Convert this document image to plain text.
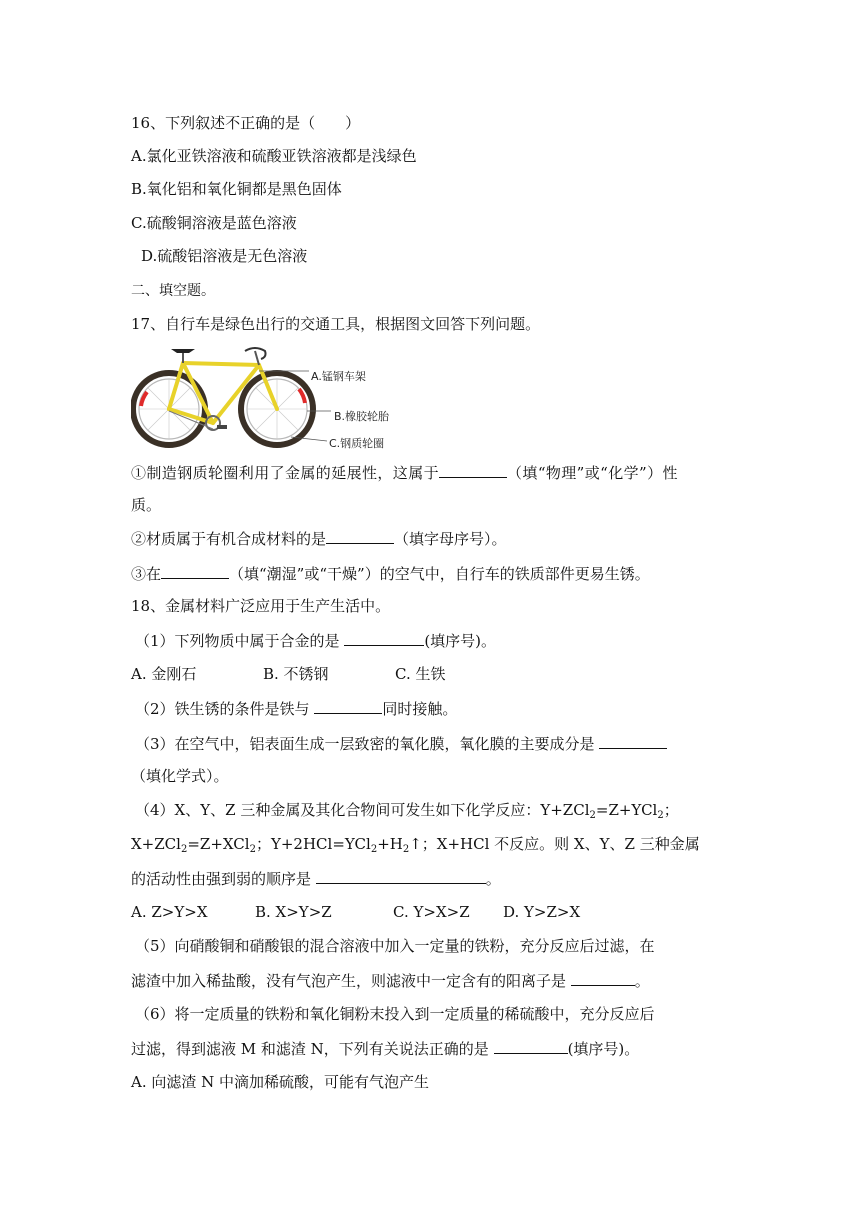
16、下列叙述不正确的是（　　）
A.氯化亚铁溶液和硫酸亚铁溶液都是浅绿色
B.氧化铝和氧化铜都是黑色固体
C.硫酸铜溶液是蓝色溶液
D.硫酸铝溶液是无色溶液
二、填空题。
17、自行车是绿色出行的交通工具，根据图文回答下列问题。
A.锰钢车架
B.橡胶轮胎
C.钢质轮圈
①制造钢质轮圈利用了金属的延展性，这属于	（填“物理”或“化学”）性
质。
②材质属于有机合成材料的是	（填字母序号）。
③在	（填“潮湿”或“干燥”）的空气中，自行车的铁质部件更易生锈。
18、金属材料广泛应用于生产生活中。
（1）下列物质中属于合金的是	(填序号)。
A. 金刚石	B. 不锈钢	C. 生铁
（2）铁生锈的条件是铁与	同时接触。
（3）在空气中，铝表面生成一层致密的氧化膜，氧化膜的主要成分是
（填化学式）。
（4）X、Y、Z 三种金属及其化合物间可发生如下化学反应：Y+ZCl$_2$=Z+YCl$_2$；
X+ZCl$_2$=Z+XCl$_2$；$Y+2HCl=YCl_2+H_2↑$；X+HCl 不反应。则 X、Y、Z 三种金属
的活动性由强到弱的顺序是	。
A. Z>Y>X	B. X>Y>Z	C. Y>X>Z D. Y>Z>X
（5）向硝酸铜和硝酸银的混合溶液中加入一定量的铁粉，充分反应后过滤，在
滤渣中加入稀盐酸，没有气泡产生，则滤液中一定含有的阳离子是	。
（6）将一定质量的铁粉和氧化铜粉末投入到一定质量的稀硫酸中，充分反应后
过滤，得到滤液 M 和滤渣 N，下列有关说法正确的是	(填序号)。
A. 向滤渣 N 中滴加稀硫酸，可能有气泡产生
